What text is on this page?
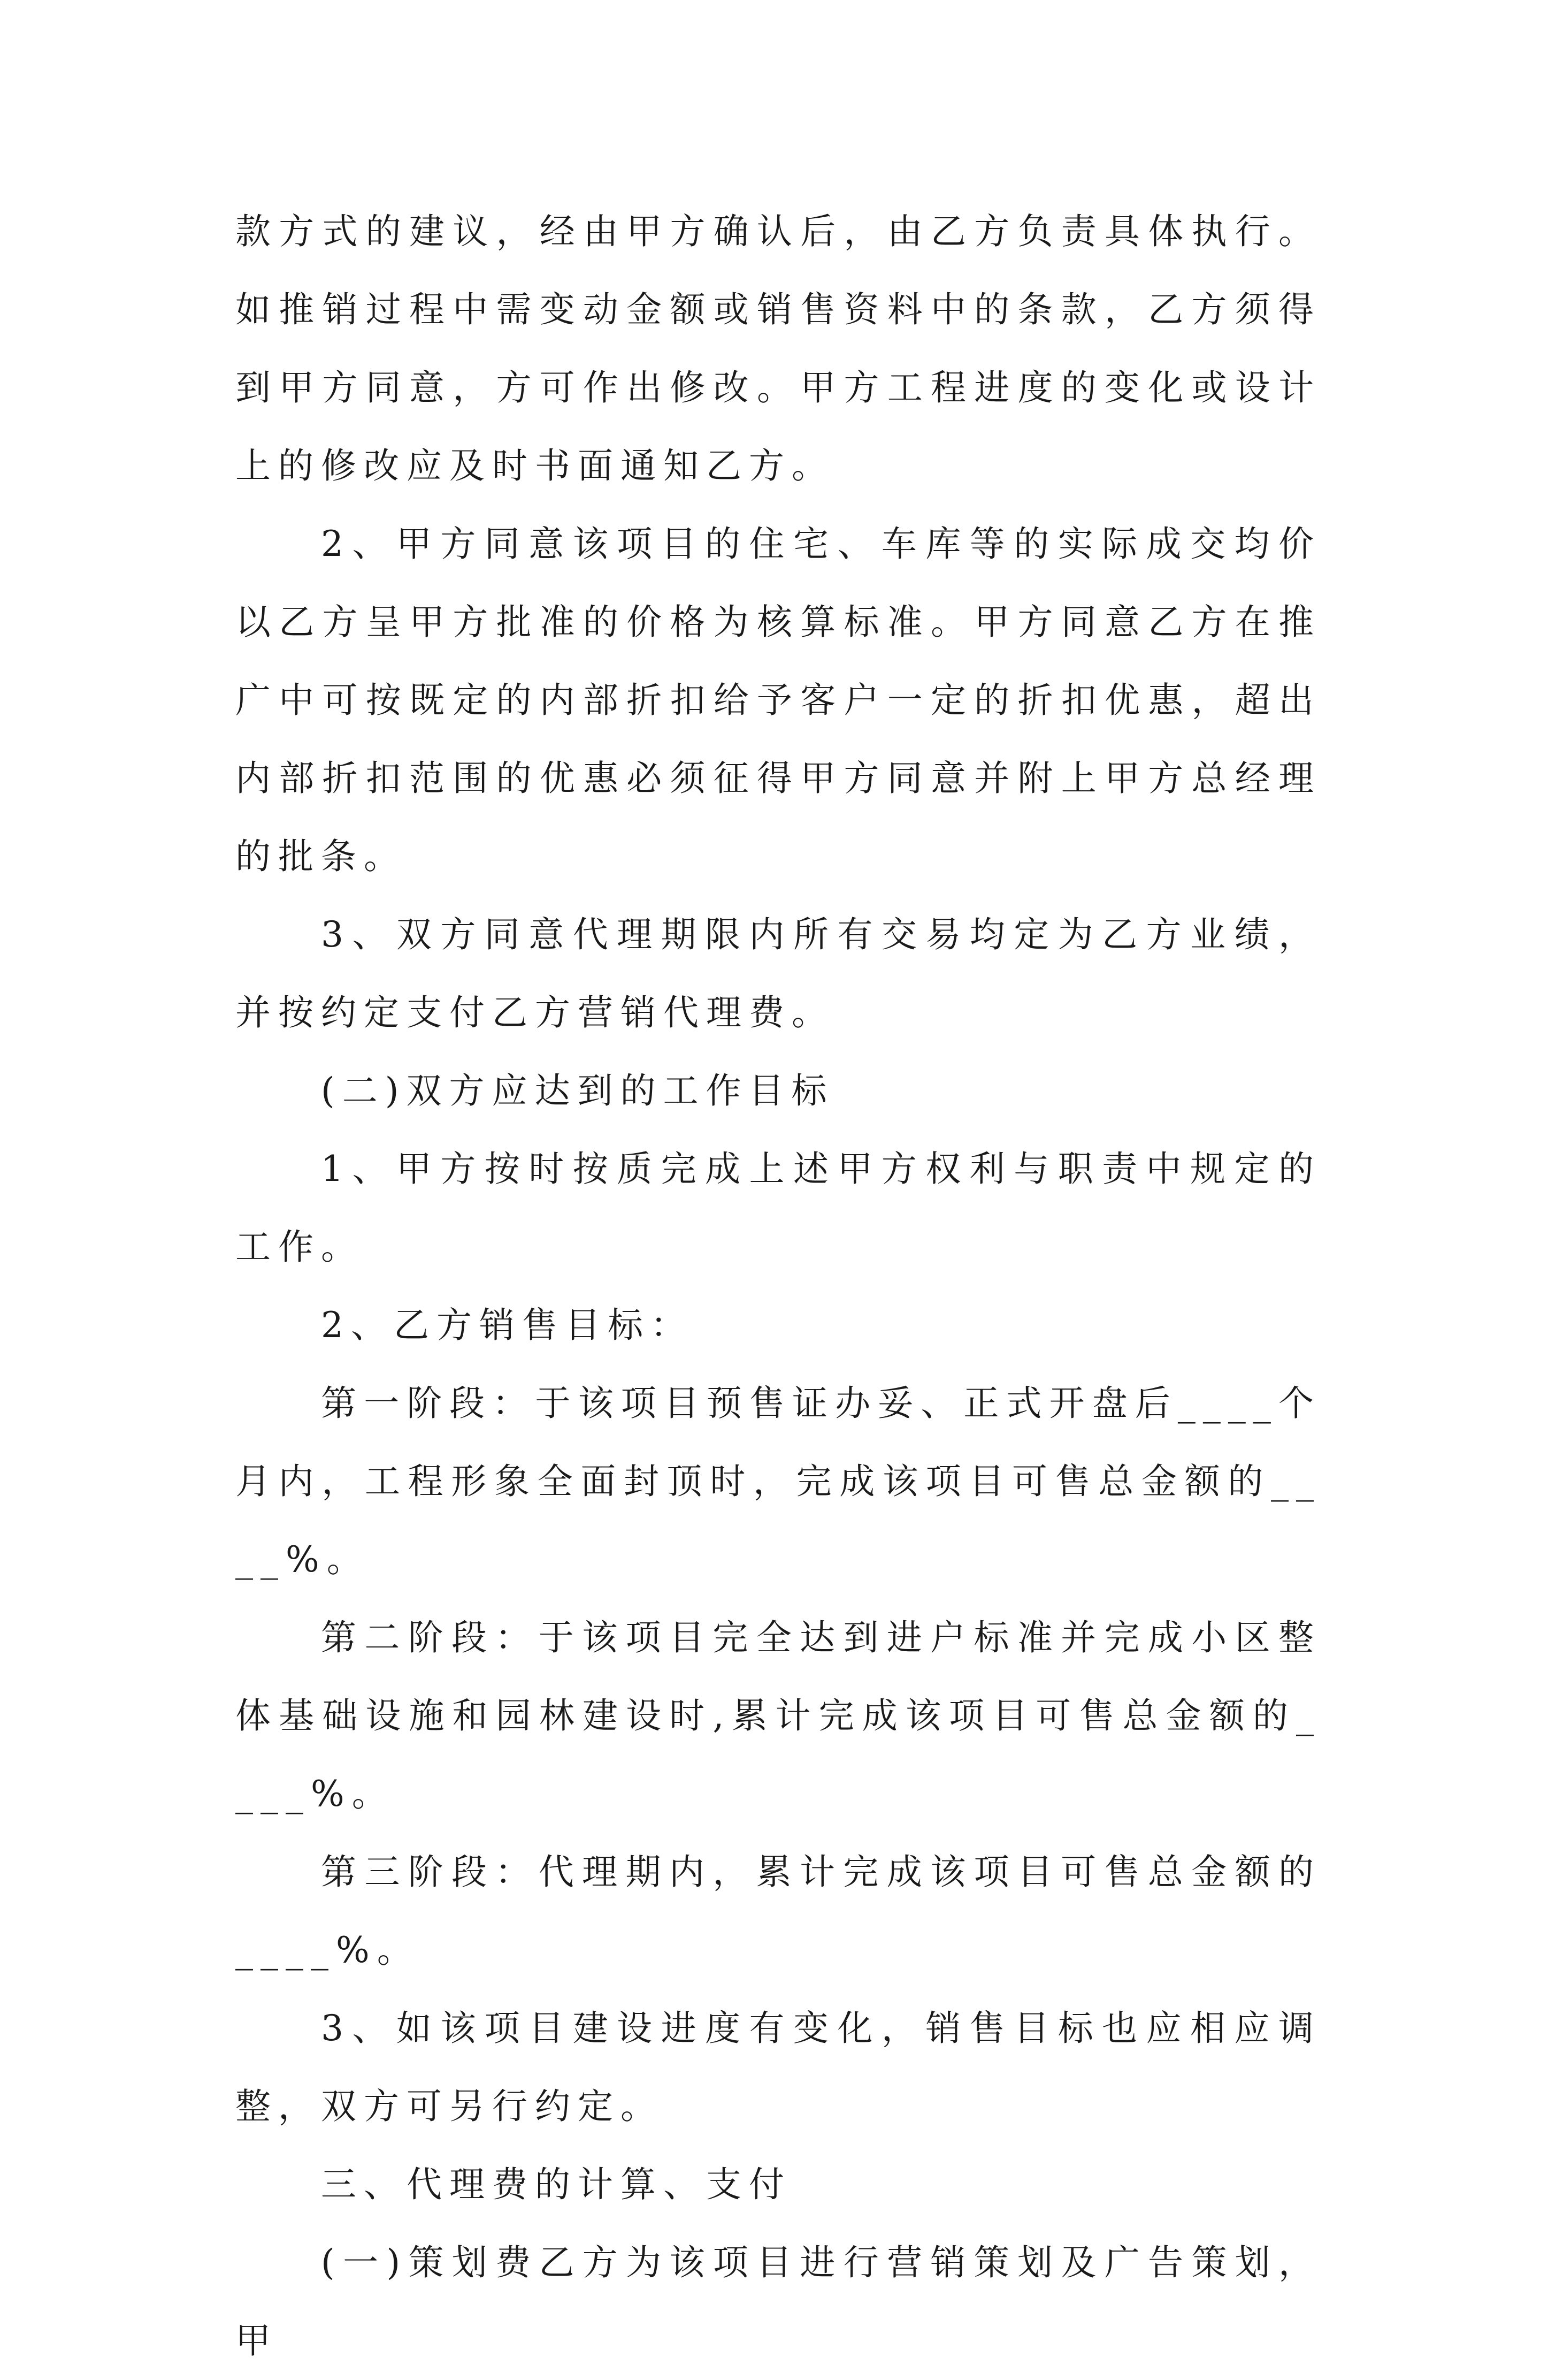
款方式的建议，经由甲方确认后，由乙方负责具体执行。如推销过程中需变动金额或销售资料中的条款，乙方须得到甲方同意，方可作出修改。甲方工程进度的变化或设计上的修改应及时书面通知乙方。

2、甲方同意该项目的住宅、车库等的实际成交均价以乙方呈甲方批准的价格为核算标准。甲方同意乙方在推广中可按既定的内部折扣给予客户一定的折扣优惠，超出内部折扣范围的优惠必须征得甲方同意并附上甲方总经理的批条。

3、双方同意代理期限内所有交易均定为乙方业绩，并按约定支付乙方营销代理费。

(二)双方应达到的工作目标

1、甲方按时按质完成上述甲方权利与职责中规定的工作。

2、乙方销售目标：

第一阶段：于该项目预售证办妥、正式开盘后____个月内，工程形象全面封顶时，完成该项目可售总金额的____%。

第二阶段：于该项目完全达到进户标准并完成小区整体基础设施和园林建设时,累计完成该项目可售总金额的____%。

第三阶段：代理期内，累计完成该项目可售总金额的____%。

3、如该项目建设进度有变化，销售目标也应相应调整，双方可另行约定。

三、代理费的计算、支付

(一)策划费乙方为该项目进行营销策划及广告策划，甲
